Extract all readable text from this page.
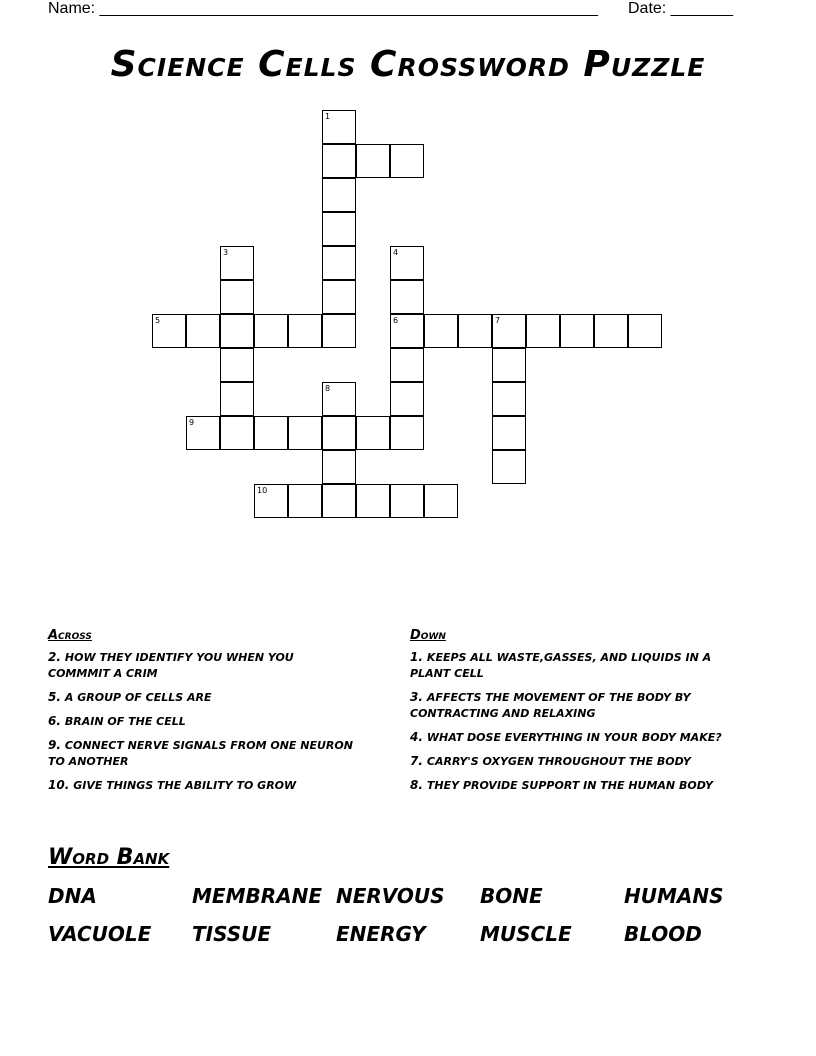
Name: ________________________________________________________ Date: _______
Science Cells Crossword Puzzle
5	6	7
9
10
1
3	4
8
Across
2. HOW THEY IDENTIFY YOU WHEN YOU COMMMIT A CRIM
5. A GROUP OF CELLS ARE
6. BRAIN OF THE CELL
9. CONNECT NERVE SIGNALS FROM ONE NEURON TO ANOTHER
10. GIVE THINGS THE ABILITY TO GROW
Down
1. KEEPS ALL WASTE,GASSES, AND LIQUIDS IN A PLANT CELL
3. AFFECTS THE MOVEMENT OF THE BODY BY CONTRACTING AND RELAXING
4. WHAT DOSE EVERYTHING IN YOUR BODY MAKE?
7. CARRY'S OXYGEN THROUGHOUT THE BODY
8. THEY PROVIDE SUPPORT IN THE HUMAN BODY
Word Bank
DNA	MEMBRANE NERVOUS BONE	HUMANS
VACUOLE TISSUE	ENERGY	MUSCLE	BLOOD
